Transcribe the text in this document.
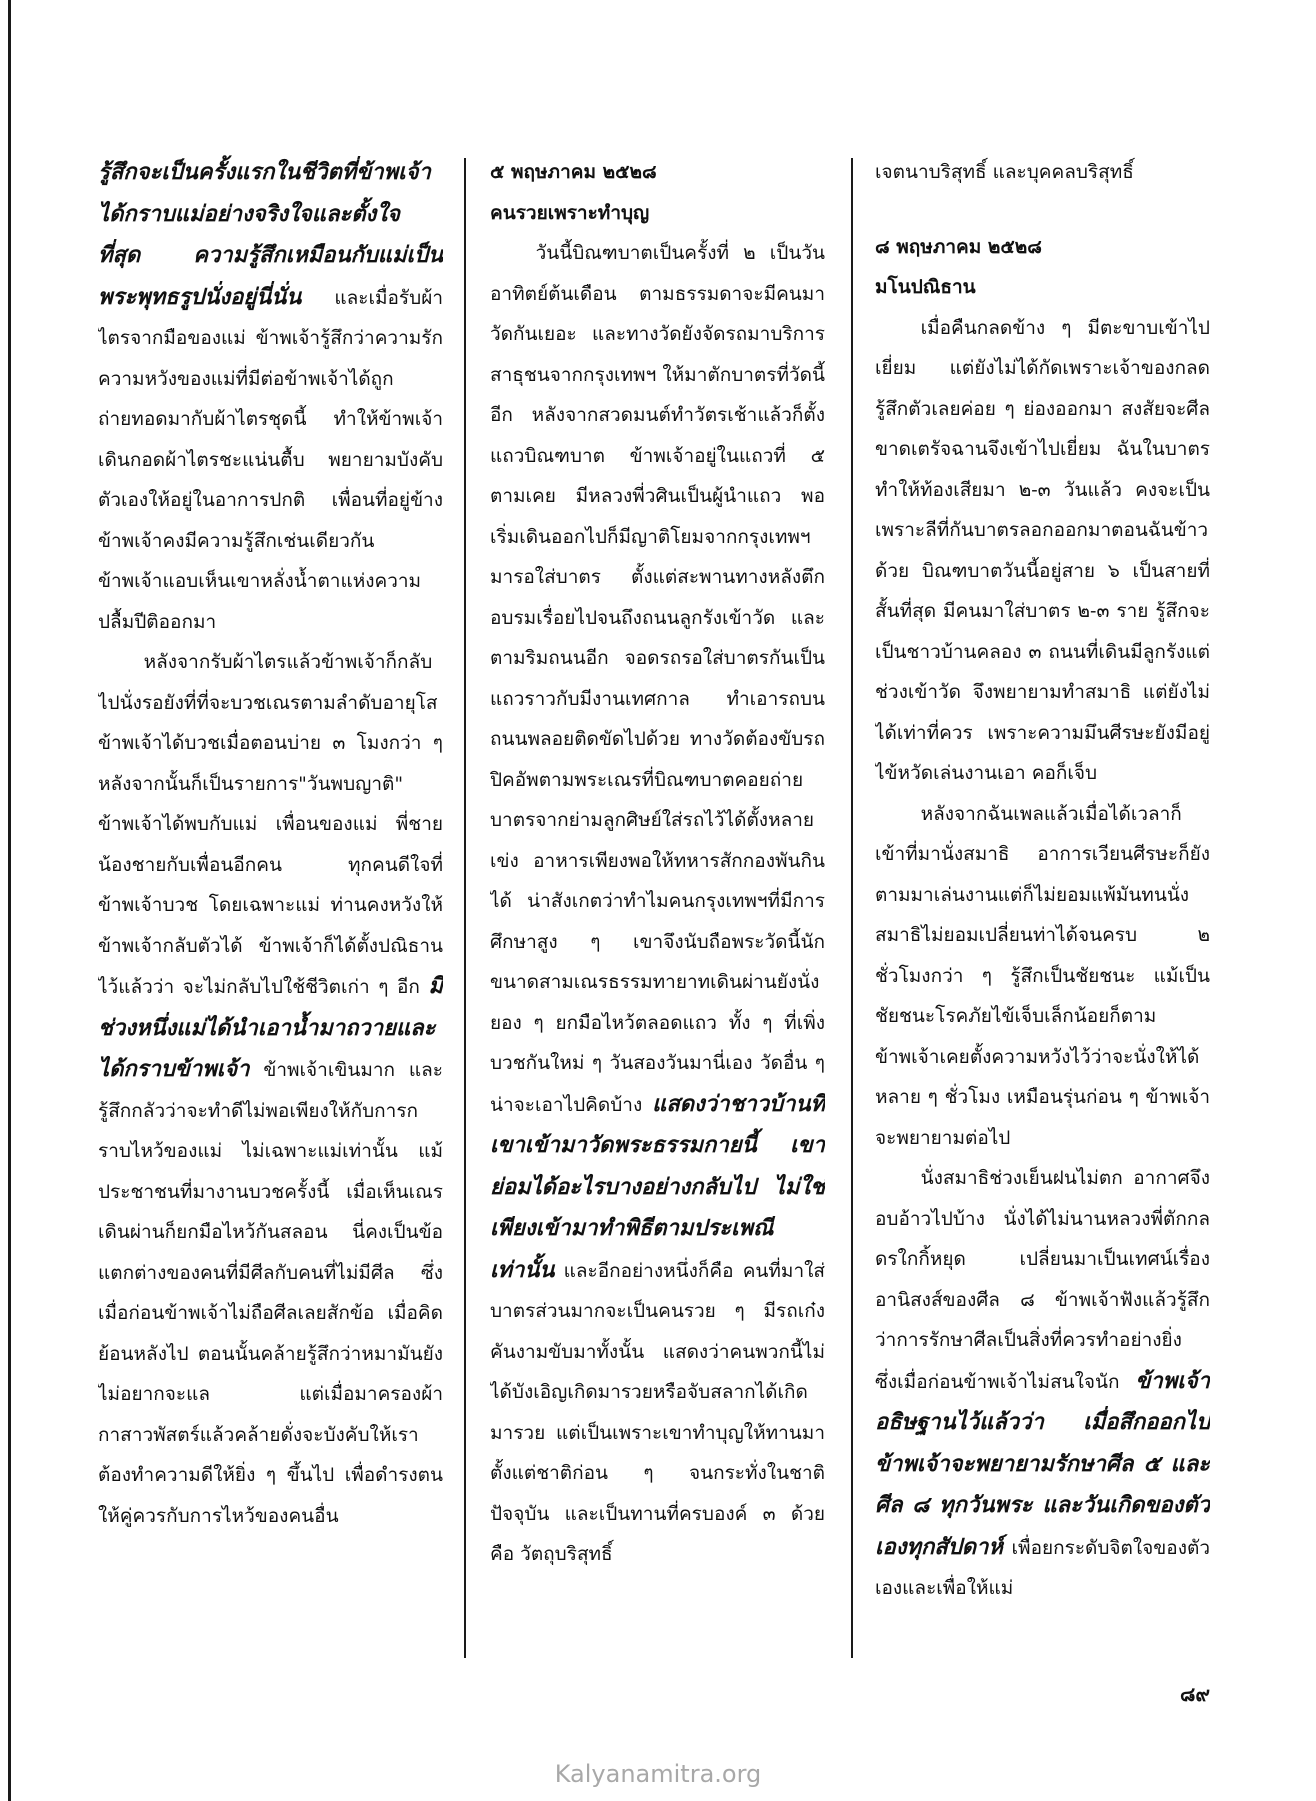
รู้สึกจะเป็นครั้งแรกในชีวิตที่ข้าพเจ้า ได้กราบแม่อย่างจริงใจและตั้งใจ ที่สุด ความรู้สึกเหมือนกับแม่เป็น พระพุทธรูปนั่งอยู่นี่นั่น และเมื่อรับผ้าไตรจากมือของแม่ ข้าพเจ้ารู้สึกว่าความรัก ความหวังของแม่ที่มีต่อข้าพเจ้าได้ถูกถ่ายทอดมากับผ้าไตรชุดนี้ ทำให้ข้าพเจ้าเดินกอดผ้าไตรชะแน่นตื้บ พยายามบังคับตัวเองให้อยู่ในอาการปกติ เพื่อนที่อยู่ข้างข้าพเจ้าคงมีความรู้สึกเช่นเดียวกัน ข้าพเจ้าแอบเห็นเขาหลั่งน้ำตาแห่งความปลื้มปีติออกมา

หลังจากรับผ้าไตรแล้วข้าพเจ้าก็กลับไปนั่งรอยังที่ที่จะบวชเณรตามลำดับอายุโส ข้าพเจ้าได้บวชเมื่อตอนบ่าย ๓ โมงกว่า ๆ หลังจากนั้นก็เป็นรายการ"วันพบญาติ" ข้าพเจ้าได้พบกับแม่ เพื่อนของแม่ พี่ชาย น้องชายกับเพื่อนอีกคน ทุกคนดีใจที่ข้าพเจ้าบวช โดยเฉพาะแม่ ท่านคงหวังให้ข้าพเจ้ากลับตัวได้ ข้าพเจ้าก็ได้ตั้งปณิธานไว้แล้วว่า จะไม่กลับไปใช้ชีวิตเก่า ๆ อีก มีช่วงหนึ่งแม่ได้นำเอาน้ำมาถวายและได้กราบข้าพเจ้า ข้าพเจ้าเขินมาก และรู้สึกกลัวว่าจะทำดีไม่พอเพียงให้กับการกราบไหว้ของแม่ ไม่เฉพาะแม่เท่านั้น แม้ประชาชนที่มางานบวชครั้งนี้ เมื่อเห็นเณรเดินผ่านก็ยกมือไหว้กันสลอน นี่คงเป็นข้อแตกต่างของคนที่มีศีลกับคนที่ไม่มีศีล ซึ่งเมื่อก่อนข้าพเจ้าไม่ถือศีลเลยสักข้อ เมื่อคิดย้อนหลังไป ตอนนั้นคล้ายรู้สึกว่าหมามันยังไม่อยากจะแล แต่เมื่อมาครองผ้ากาสาวพัสตร์แล้วคล้ายดั่งจะบังคับให้เราต้องทำความดีให้ยิ่ง ๆ ขึ้นไป เพื่อดำรงตนให้คู่ควรกับการไหว้ของคนอื่น

๕ พฤษภาคม ๒๕๒๘

คนรวยเพราะทำบุญ

วันนี้บิณฑบาตเป็นครั้งที่ ๒ เป็นวันอาทิตย์ต้นเดือน ตามธรรมดาจะมีคนมาวัดกันเยอะ และทางวัดยังจัดรถมาบริการสาธุชนจากกรุงเทพฯ ให้มาตักบาตรที่วัดนี้อีก หลังจากสวดมนต์ทำวัตรเช้าแล้วก็ตั้งแถวบิณฑบาต ข้าพเจ้าอยู่ในแถวที่ ๕ ตามเคย มีหลวงพี่วศินเป็นผู้นำแถว พอเริ่มเดินออกไปก็มีญาติโยมจากกรุงเทพฯ มารอใส่บาตร ตั้งแต่สะพานทางหลังตึกอบรมเรื่อยไปจนถึงถนนลูกรังเข้าวัด และตามริมถนนอีก จอดรถรอใส่บาตรกันเป็นแถวราวกับมีงานเทศกาล ทำเอารถบนถนนพลอยติดขัดไปด้วย ทางวัดต้องขับรถปิคอัพตามพระเณรที่บิณฑบาตคอยถ่ายบาตรจากย่ามลูกศิษย์ใส่รถไว้ได้ตั้งหลายเข่ง อาหารเพียงพอให้ทหารสักกองพันกินได้ น่าสังเกตว่าทำไมคนกรุงเทพฯที่มีการศึกษาสูง ๆ เขาจึงนับถือพระวัดนี้นัก ขนาดสามเณรธรรมทายาทเดินผ่านยังนั่งยอง ๆ ยกมือไหว้ตลอดแถว ทั้ง ๆ ที่เพิ่งบวชกันใหม่ ๆ วันสองวันมานี่เอง วัดอื่น ๆ น่าจะเอาไปคิดบ้าง แสดงว่าชาวบ้านที่เขาเข้ามาวัดพระธรรมกายนี้ เขาย่อมได้อะไรบางอย่างกลับไป ไม่ใช่เพียงเข้ามาทำพิธีตามประเพณีเท่านั้น และอีกอย่างหนึ่งก็คือ คนที่มาใส่บาตรส่วนมากจะเป็นคนรวย ๆ มีรถเก๋งคันงามขับมาทั้งนั้น แสดงว่าคนพวกนี้ไม่ได้บังเอิญเกิดมารวยหรือจับสลากได้เกิดมารวย แต่เป็นเพราะเขาทำบุญให้ทานมาตั้งแต่ชาติก่อน ๆ จนกระทั่งในชาติปัจจุบัน และเป็นทานที่ครบองค์ ๓ ด้วย คือ วัตถุบริสุทธิ์

เจตนาบริสุทธิ์ และบุคคลบริสุทธิ์

๘ พฤษภาคม ๒๕๒๘

มโนปณิธาน

เมื่อคืนกลดข้าง ๆ มีตะขาบเข้าไปเยี่ยม แต่ยังไม่ได้กัดเพราะเจ้าของกลดรู้สึกตัวเลยค่อย ๆ ย่องออกมา สงสัยจะศีลขาดเตรัจฉานจึงเข้าไปเยี่ยม ฉันในบาตรทำให้ท้องเสียมา ๒-๓ วันแล้ว คงจะเป็นเพราะลีที่กันบาตรลอกออกมาตอนฉันข้าวด้วย บิณฑบาตวันนี้อยู่สาย ๖ เป็นสายที่สั้นที่สุด มีคนมาใส่บาตร ๒-๓ ราย รู้สึกจะเป็นชาวบ้านคลอง ๓ ถนนที่เดินมีลูกรังแต่ช่วงเข้าวัด จึงพยายามทำสมาธิ แต่ยังไม่ได้เท่าที่ควร เพราะความมึนศีรษะยังมีอยู่ ไข้หวัดเล่นงานเอา คอก็เจ็บ

หลังจากฉันเพลแล้วเมื่อได้เวลาก็เข้าที่มานั่งสมาธิ อาการเวียนศีรษะก็ยังตามมาเล่นงานแต่ก็ไม่ยอมแพ้มันทนนั่งสมาธิไม่ยอมเปลี่ยนท่าได้จนครบ ๒ ชั่วโมงกว่า ๆ รู้สึกเป็นชัยชนะ แม้เป็นชัยชนะโรคภัยไข้เจ็บเล็กน้อยก็ตาม ข้าพเจ้าเคยตั้งความหวังไว้ว่าจะนั่งให้ได้หลาย ๆ ชั่วโมง เหมือนรุ่นก่อน ๆ ข้าพเจ้าจะพยายามต่อไป

นั่งสมาธิช่วงเย็นฝนไม่ตก อากาศจึงอบอ้าวไปบ้าง นั่งได้ไม่นานหลวงพี่ตักกลดรใกกิ้หยุด เปลี่ยนมาเป็นเทศน์เรื่องอานิสงส์ของศีล ๘ ข้าพเจ้าฟังแล้วรู้สึกว่าการรักษาศีลเป็นสิ่งที่ควรทำอย่างยิ่ง ซึ่งเมื่อก่อนข้าพเจ้าไม่สนใจนัก ข้าพเจ้าอธิษฐานไว้แล้วว่า เมื่อสึกออกไปข้าพเจ้าจะพยายามรักษาศีล ๕ และศีล ๘ ทุกวันพระ และวันเกิดของตัวเองทุกสัปดาห์ เพื่อยกระดับจิตใจของตัวเองและเพื่อให้แม่

๘๙
Kalyanamitra.org
